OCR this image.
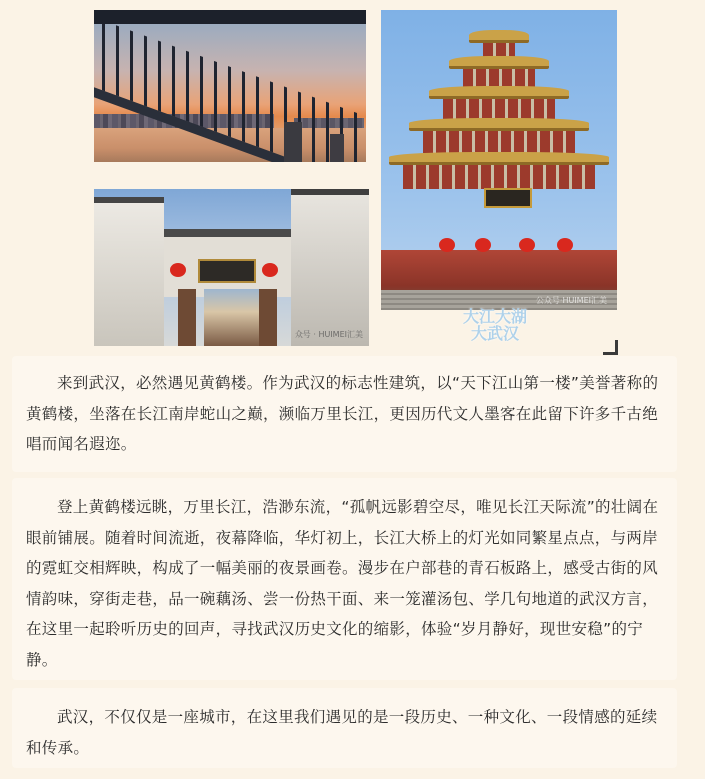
公众号·HUIMEI汇美
众号 · HUIMEI汇美
大江大湖
大武汉
来到武汉，必然遇见黄鹤楼。作为武汉的标志性建筑，以“天下江山第一楼”美誉著称的黄鹤楼，坐落在长江南岸蛇山之巅，濒临万里长江，更因历代文人墨客在此留下许多千古绝唱而闻名遐迩。
登上黄鹤楼远眺，万里长江，浩渺东流，“孤帆远影碧空尽，唯见长江天际流”的壮阔在眼前铺展。随着时间流逝，夜幕降临，华灯初上，长江大桥上的灯光如同繁星点点，与两岸的霓虹交相辉映，构成了一幅美丽的夜景画卷。漫步在户部巷的青石板路上，感受古街的风情韵味，穿街走巷，品一碗藕汤、尝一份热干面、来一笼灌汤包、学几句地道的武汉方言，在这里一起聆听历史的回声，寻找武汉历史文化的缩影，体验“岁月静好，现世安稳”的宁静。
武汉，不仅仅是一座城市，在这里我们遇见的是一段历史、一种文化、一段情感的延续和传承。
